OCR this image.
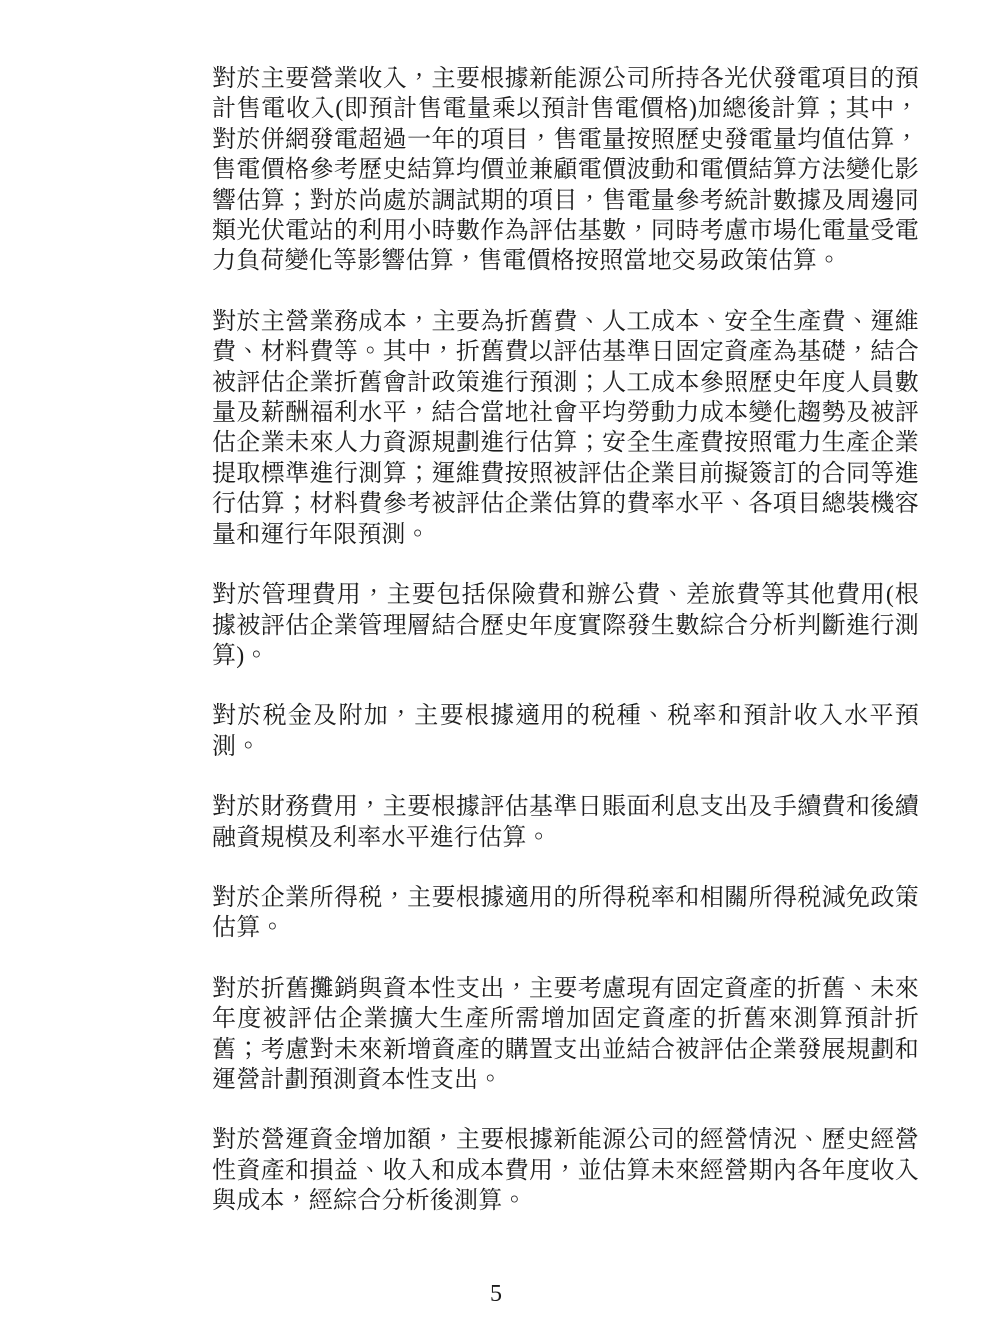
對於主要營業收入，主要根據新能源公司所持各光伏發電項目的預計售電收入(即預計售電量乘以預計售電價格)加總後計算；其中，對於併網發電超過一年的項目，售電量按照歷史發電量均值估算，售電價格參考歷史結算均價並兼顧電價波動和電價結算方法變化影響估算；對於尚處於調試期的項目，售電量參考統計數據及周邊同類光伏電站的利用小時數作為評估基數，同時考慮市場化電量受電力負荷變化等影響估算，售電價格按照當地交易政策估算。

對於主營業務成本，主要為折舊費、人工成本、安全生產費、運維費、材料費等。其中，折舊費以評估基準日固定資產為基礎，結合被評估企業折舊會計政策進行預測；人工成本參照歷史年度人員數量及薪酬福利水平，結合當地社會平均勞動力成本變化趨勢及被評估企業未來人力資源規劃進行估算；安全生產費按照電力生產企業提取標準進行測算；運維費按照被評估企業目前擬簽訂的合同等進行估算；材料費參考被評估企業估算的費率水平、各項目總裝機容量和運行年限預測。

對於管理費用，主要包括保險費和辦公費、差旅費等其他費用(根據被評估企業管理層結合歷史年度實際發生數綜合分析判斷進行測算)。

對於税金及附加，主要根據適用的税種、税率和預計收入水平預測。

對於財務費用，主要根據評估基準日賬面利息支出及手續費和後續融資規模及利率水平進行估算。

對於企業所得税，主要根據適用的所得税率和相關所得税減免政策估算。

對於折舊攤銷與資本性支出，主要考慮現有固定資產的折舊、未來年度被評估企業擴大生產所需增加固定資產的折舊來測算預計折舊；考慮對未來新增資產的購置支出並結合被評估企業發展規劃和運營計劃預測資本性支出。

對於營運資金增加額，主要根據新能源公司的經營情況、歷史經營性資產和損益、收入和成本費用，並估算未來經營期內各年度收入與成本，經綜合分析後測算。

5
